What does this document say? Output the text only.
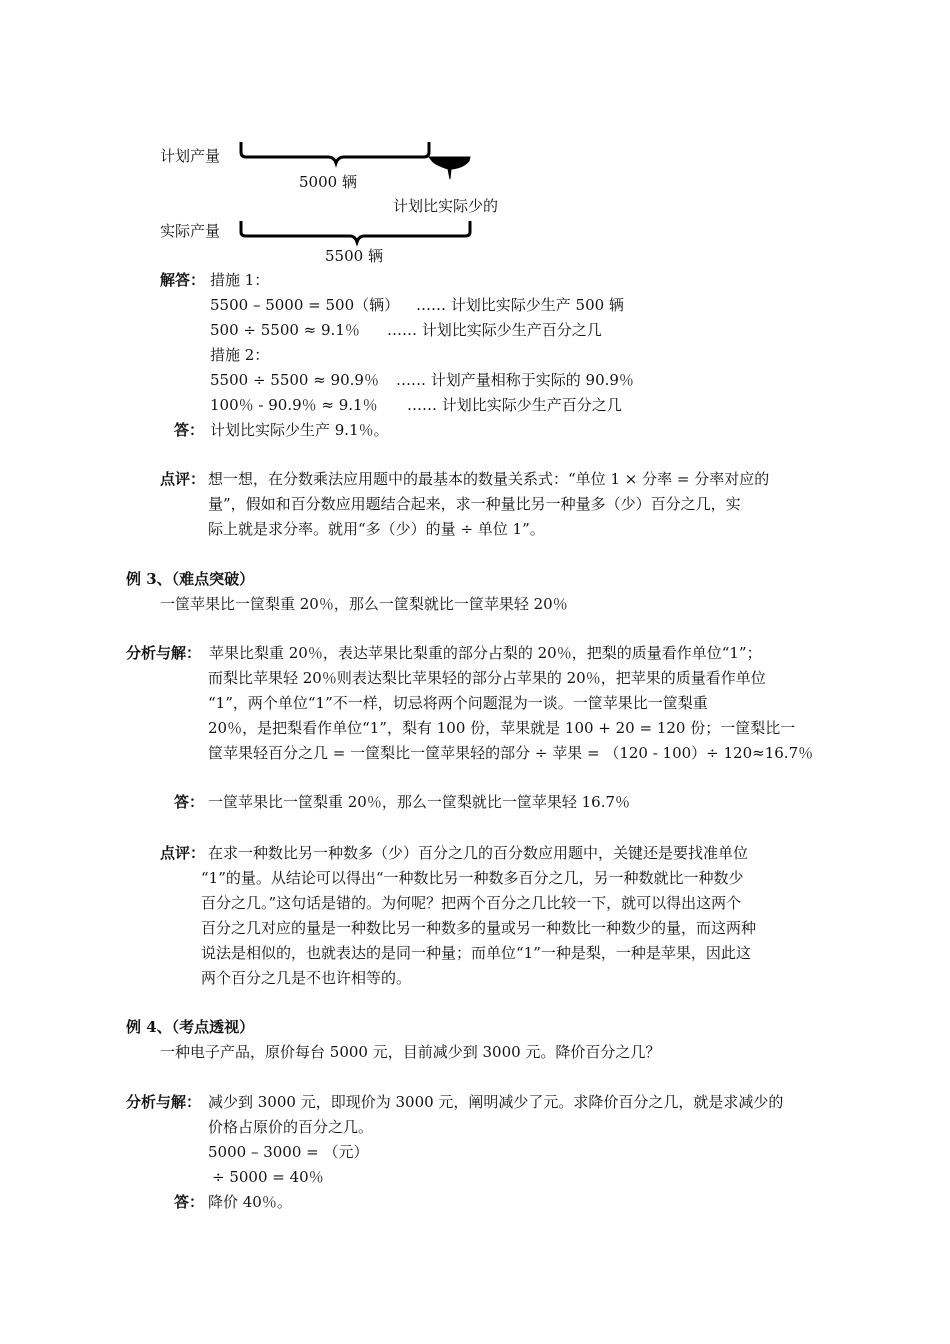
计划产量
5000 辆
计划比实际少的
实际产量
5500 辆
解答： 措施 1：
5500 – 5000 = 500（辆） …… 计划比实际少生产 500 辆
500 ÷ 5500 ≈ 9.1％ …… 计划比实际少生产百分之几
措施 2：
5500 ÷ 5500 ≈ 90.9％ …… 计划产量相称于实际的 90.9％
100％ - 90.9％ ≈ 9.1％ …… 计划比实际少生产百分之几
答： 计划比实际少生产 9.1％。
点评： 想一想，在分数乘法应用题中的最基本的数量关系式：“单位 1 × 分率 = 分率对应的
量”，假如和百分数应用题结合起来，求一种量比另一种量多（少）百分之几，实
际上就是求分率。就用“多（少）的量 ÷ 单位 1”。
例 3、（难点突破）
一筐苹果比一筐梨重 20％，那么一筐梨就比一筐苹果轻 20％
分析与解： 苹果比梨重 20％，表达苹果比梨重的部分占梨的 20％，把梨的质量看作单位“1”；
而梨比苹果轻 20％则表达梨比苹果轻的部分占苹果的 20％，把苹果的质量看作单位
“1”，两个单位“1”不一样，切忌将两个问题混为一谈。一筐苹果比一筐梨重
20％，是把梨看作单位“1”，梨有 100 份，苹果就是 100 + 20 = 120 份；一筐梨比一
筐苹果轻百分之几 = 一筐梨比一筐苹果轻的部分 ÷ 苹果 = （120 - 100）÷ 120≈16.7％
答： 一筐苹果比一筐梨重 20％，那么一筐梨就比一筐苹果轻 16.7％
点评： 在求一种数比另一种数多（少）百分之几的百分数应用题中，关键还是要找准单位
“1”的量。从结论可以得出“一种数比另一种数多百分之几，另一种数就比一种数少
百分之几。”这句话是错的。为何呢？把两个百分之几比较一下，就可以得出这两个
百分之几对应的量是一种数比另一种数多的量或另一种数比一种数少的量，而这两种
说法是相似的，也就表达的是同一种量；而单位“1”一种是梨，一种是苹果，因此这
两个百分之几是不也许相等的。
例 4、（考点透视）
一种电子产品，原价每台 5000 元，目前减少到 3000 元。降价百分之几？
分析与解： 减少到 3000 元，即现价为 3000 元，阐明减少了元。求降价百分之几，就是求减少的
价格占原价的百分之几。
5000 – 3000 = （元）
÷ 5000 = 40％
答： 降价 40％。
